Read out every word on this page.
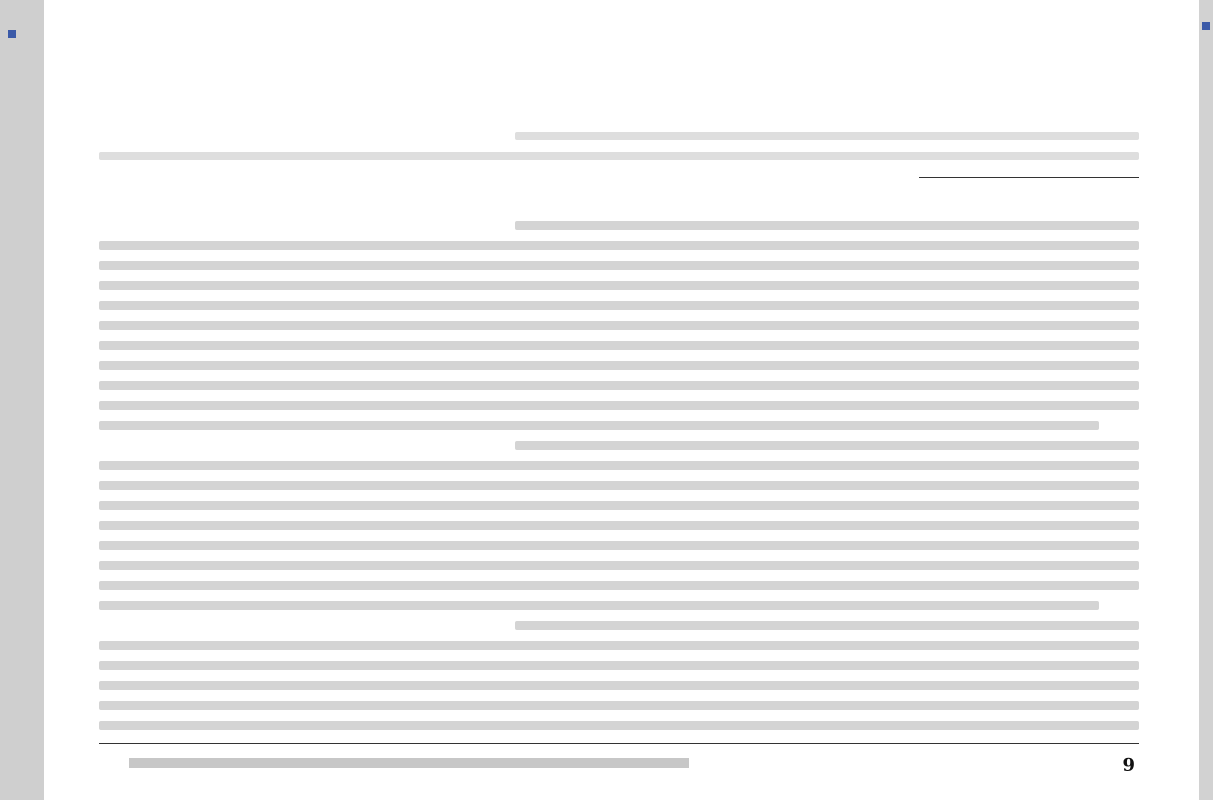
6
